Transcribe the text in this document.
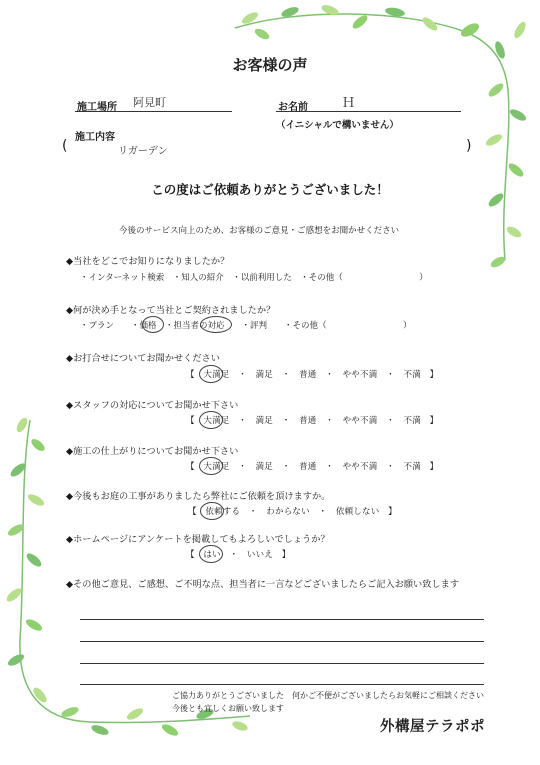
お客様の声
施工場所 阿見町	お名前	Ｈ
（イニシャルで構いません）
施工内容
(	リガーデン	)
この度はご依頼ありがとうございました！
今後のサービス向上のため、お客様のご意見・ご感想をお聞かせください
◆当社をどこでお知りになりましたか？
・インターネット検索　・知人の紹介　・以前利用した　・その他（　　　　　　　　　）
◆何が決め手となって当社とご契約されましたか？
・プラン　　・価格　・担当者の対応　　・評判　　・その他（　　　　　　　　　）
◆お打合せについてお聞かせください
【　大満足　・　満足　・　普通　・　やや不満　・　不満　】
◆スタッフの対応についてお聞かせ下さい
【　大満足　・　満足　・　普通　・　やや不満　・　不満　】
◆施工の仕上がりについてお聞かせ下さい
【　大満足　・　満足　・　普通　・　やや不満　・　不満　】
◆今後もお庭の工事がありましたら弊社にご依頼を頂けますか。
【　依頼する　・　わからない　・　依頼しない　】
◆ホームページにアンケートを掲載してもよろしいでしょうか？
【　はい　・　いいえ　】
◆その他ご意見、ご感想、ご不明な点、担当者に一言などございましたらご記入お願い致します
ご協力ありがとうございました　何かご不便がございましたらお気軽にご相談ください
今後とも宜しくお願い致します
外構屋テラポポ
